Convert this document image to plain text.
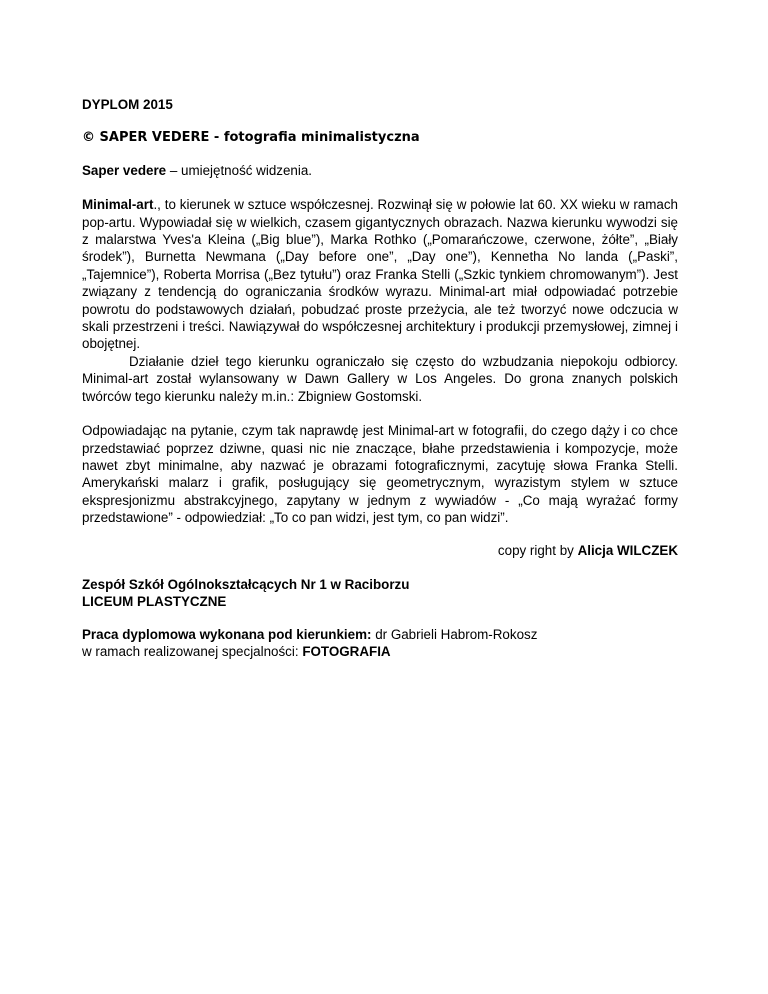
DYPLOM 2015

© SAPER VEDERE - fotografia minimalistyczna

Saper vedere – umiejętność widzenia.

Minimal-art., to kierunek w sztuce współczesnej. Rozwinął się w połowie lat 60. XX wieku w ramach pop-artu. Wypowiadał się w wielkich, czasem gigantycznych obrazach. Nazwa kierunku wywodzi się z malarstwa Yves'a Kleina („Big blue”), Marka Rothko („Pomarańczowe, czerwone, żółte”, „Biały środek”), Burnetta Newmana („Day before one”, „Day one”), Kennetha No landa („Paski”, „Tajemnice”), Roberta Morrisa („Bez tytułu”) oraz Franka Stelli („Szkic tynkiem chromowanym”). Jest związany z tendencją do ograniczania środków wyrazu. Minimal-art miał odpowiadać potrzebie powrotu do podstawowych działań, pobudzać proste przeżycia, ale też tworzyć nowe odczucia w skali przestrzeni i treści. Nawiązywał do współczesnej architektury i produkcji przemysłowej, zimnej i obojętnej.

Działanie dzieł tego kierunku ograniczało się często do wzbudzania niepokoju odbiorcy. Minimal-art został wylansowany w Dawn Gallery w Los Angeles. Do grona znanych polskich twórców tego kierunku należy m.in.: Zbigniew Gostomski.

Odpowiadając na pytanie, czym tak naprawdę jest Minimal-art w fotografii, do czego dąży i co chce przedstawiać poprzez dziwne, quasi nic nie znaczące, błahe przedstawienia i kompozycje, może nawet zbyt minimalne, aby nazwać je obrazami fotograficznymi, zacytuję słowa Franka Stelli. Amerykański malarz i grafik, posługujący się geometrycznym, wyrazistym stylem w sztuce ekspresjonizmu abstrakcyjnego, zapytany w jednym z wywiadów - „Co mają wyrażać formy przedstawione” - odpowiedział: „To co pan widzi, jest tym, co pan widzi”.

copy right by Alicja WILCZEK

Zespół Szkół Ogólnokształcących Nr 1 w Raciborzu
LICEUM PLASTYCZNE
Praca dyplomowa wykonana pod kierunkiem: dr Gabrieli Habrom-Rokosz
w ramach realizowanej specjalności: FOTOGRAFIA
